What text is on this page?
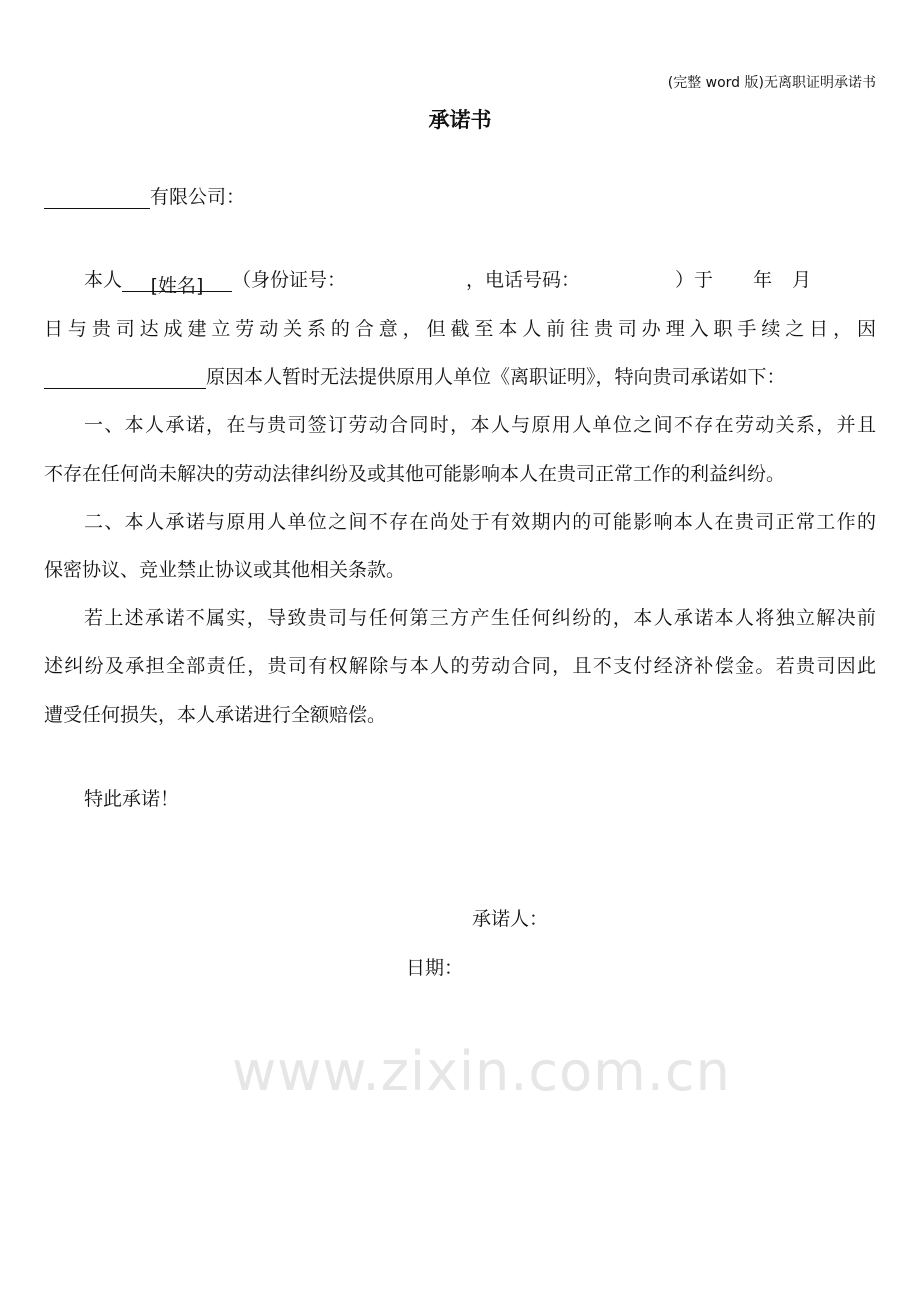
(完整 word 版)无离职证明承诺书
承诺书
有限公司：
本人 [姓名] （身份证号：	，电话号码：	）于 年 月
日与贵司达成建立劳动关系的合意，但截至本人前往贵司办理入职手续之日，因
原因本人暂时无法提供原用人单位《离职证明》，特向贵司承诺如下：
一、本人承诺，在与贵司签订劳动合同时，本人与原用人单位之间不存在劳动关系，并且
不存在任何尚未解决的劳动法律纠纷及或其他可能影响本人在贵司正常工作的利益纠纷。
二、本人承诺与原用人单位之间不存在尚处于有效期内的可能影响本人在贵司正常工作的
保密协议、竞业禁止协议或其他相关条款。
若上述承诺不属实，导致贵司与任何第三方产生任何纠纷的，本人承诺本人将独立解决前
述纠纷及承担全部责任，贵司有权解除与本人的劳动合同，且不支付经济补偿金。若贵司因此
遭受任何损失，本人承诺进行全额赔偿。
特此承诺！
承诺人：
日期：
www.zixin.com.cn
